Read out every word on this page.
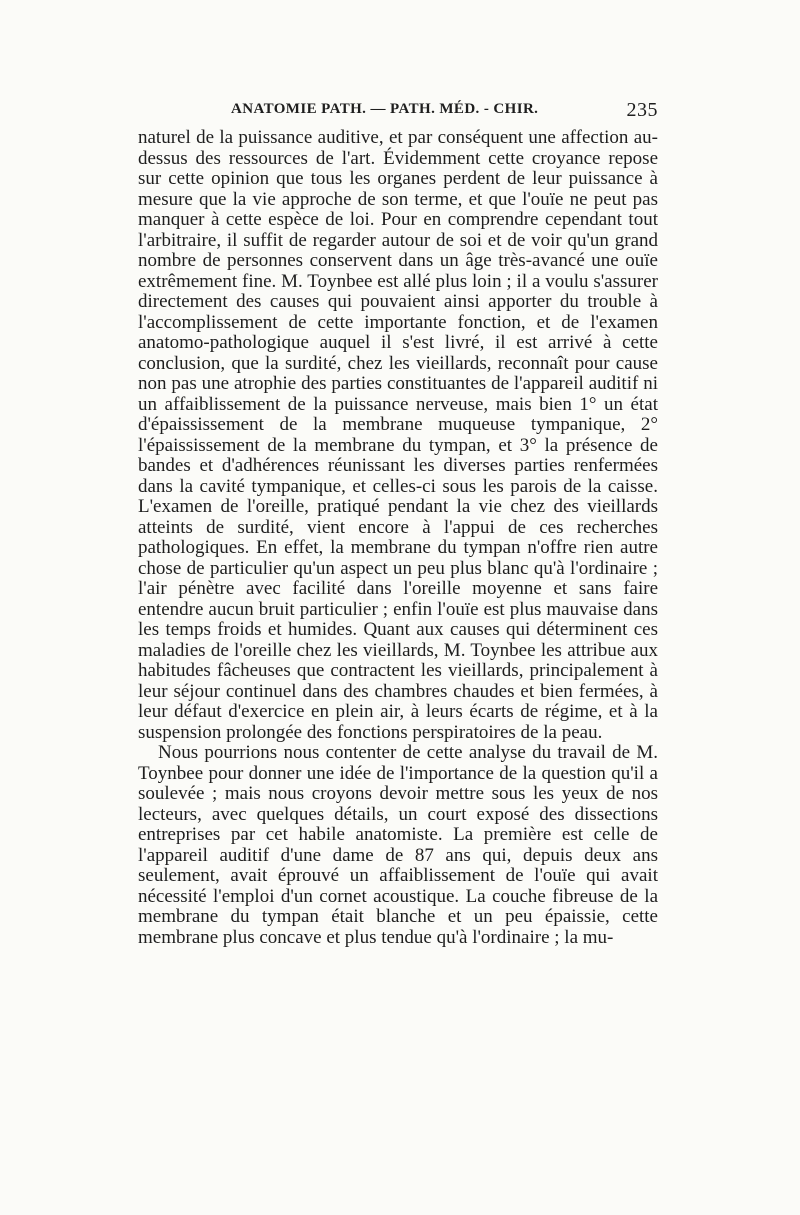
ANATOMIE PATH. — PATH. MÉD. - CHIR.	235

naturel de la puissance auditive, et par conséquent une affection au-dessus des ressources de l'art. Évidemment cette croyance repose sur cette opinion que tous les organes perdent de leur puissance à mesure que la vie approche de son terme, et que l'ouïe ne peut pas manquer à cette espèce de loi. Pour en comprendre cependant tout l'arbitraire, il suffit de regarder autour de soi et de voir qu'un grand nombre de personnes conservent dans un âge très-avancé une ouïe extrêmement fine. M. Toynbee est allé plus loin ; il a voulu s'assurer directement des causes qui pouvaient ainsi apporter du trouble à l'accomplissement de cette importante fonction, et de l'examen anatomo-pathologique auquel il s'est livré, il est arrivé à cette conclusion, que la surdité, chez les vieillards, reconnaît pour cause non pas une atrophie des parties constituantes de l'appareil auditif ni un affaiblissement de la puissance nerveuse, mais bien 1° un état d'épaississement de la membrane muqueuse tympanique, 2° l'épaississement de la membrane du tympan, et 3° la présence de bandes et d'adhérences réunissant les diverses parties renfermées dans la cavité tympanique, et celles-ci sous les parois de la caisse. L'examen de l'oreille, pratiqué pendant la vie chez des vieillards atteints de surdité, vient encore à l'appui de ces recherches pathologiques. En effet, la membrane du tympan n'offre rien autre chose de particulier qu'un aspect un peu plus blanc qu'à l'ordinaire ; l'air pénètre avec facilité dans l'oreille moyenne et sans faire entendre aucun bruit particulier ; enfin l'ouïe est plus mauvaise dans les temps froids et humides. Quant aux causes qui déterminent ces maladies de l'oreille chez les vieillards, M. Toynbee les attribue aux habitudes fâcheuses que contractent les vieillards, principalement à leur séjour continuel dans des chambres chaudes et bien fermées, à leur défaut d'exercice en plein air, à leurs écarts de régime, et à la suspension prolongée des fonctions perspiratoires de la peau.

Nous pourrions nous contenter de cette analyse du travail de M. Toynbee pour donner une idée de l'importance de la question qu'il a soulevée ; mais nous croyons devoir mettre sous les yeux de nos lecteurs, avec quelques détails, un court exposé des dissections entreprises par cet habile anatomiste. La première est celle de l'appareil auditif d'une dame de 87 ans qui, depuis deux ans seulement, avait éprouvé un affaiblissement de l'ouïe qui avait nécessité l'emploi d'un cornet acoustique. La couche fibreuse de la membrane du tympan était blanche et un peu épaissie, cette membrane plus concave et plus tendue qu'à l'ordinaire ; la mu-
